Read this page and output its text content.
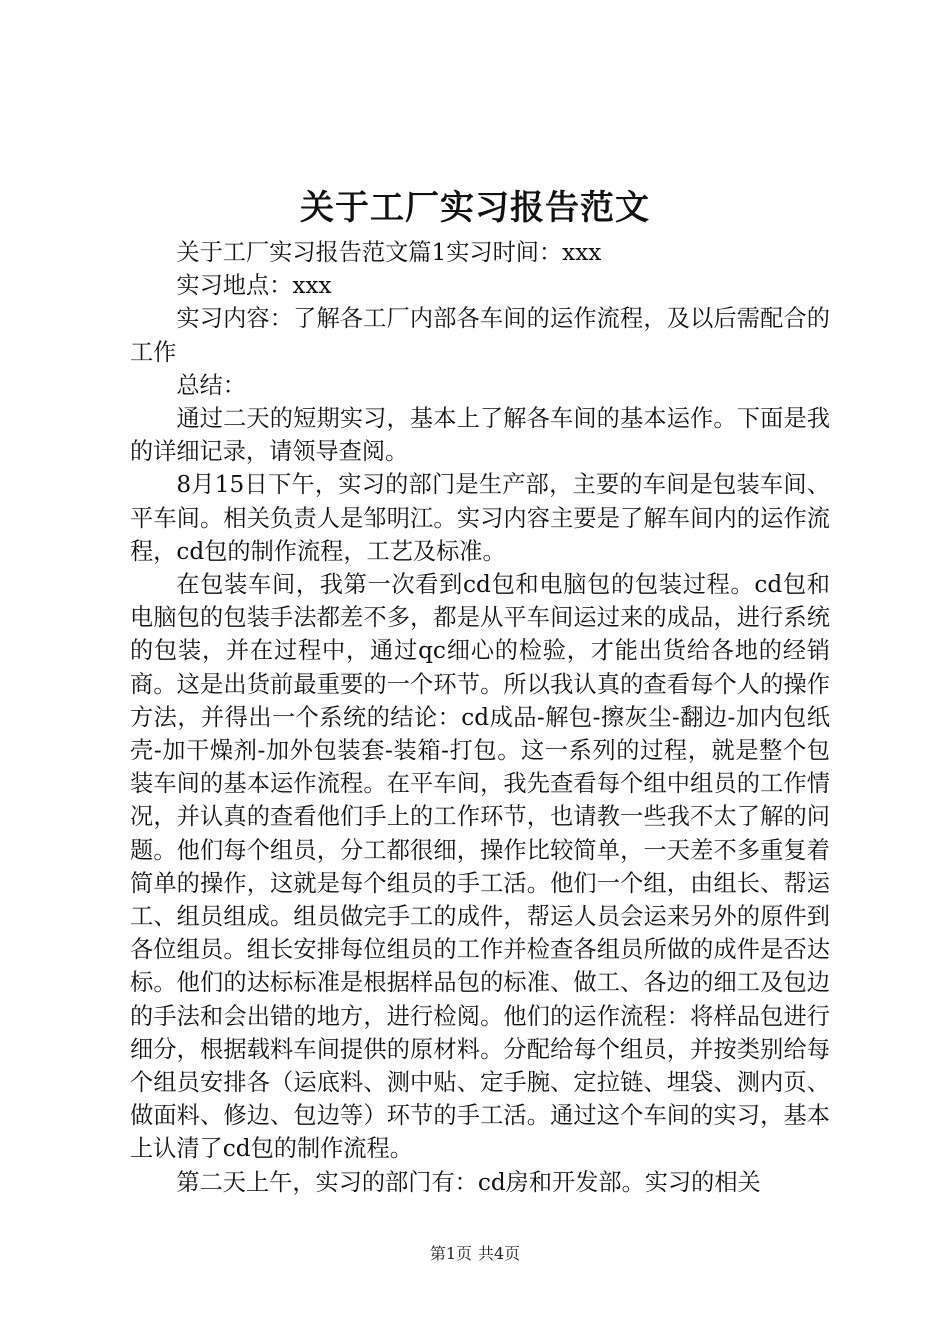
关于工厂实习报告范文

关于工厂实习报告范文篇1实习时间：xxx

实习地点：xxx

实习内容：了解各工厂内部各车间的运作流程，及以后需配合的工作

总结：

通过二天的短期实习，基本上了解各车间的基本运作。下面是我的详细记录，请领导查阅。

8月15日下午，实习的部门是生产部，主要的车间是包装车间、平车间。相关负责人是邹明江。实习内容主要是了解车间内的运作流程，cd包的制作流程，工艺及标准。

在包装车间，我第一次看到cd包和电脑包的包装过程。cd包和电脑包的包装手法都差不多，都是从平车间运过来的成品，进行系统的包装，并在过程中，通过qc细心的检验，才能出货给各地的经销商。这是出货前最重要的一个环节。所以我认真的查看每个人的操作方法，并得出一个系统的结论：cd成品-解包-擦灰尘-翻边-加内包纸壳-加干燥剂-加外包装套-装箱-打包。这一系列的过程，就是整个包装车间的基本运作流程。在平车间，我先查看每个组中组员的工作情况，并认真的查看他们手上的工作环节，也请教一些我不太了解的问题。他们每个组员，分工都很细，操作比较简单，一天差不多重复着简单的操作，这就是每个组员的手工活。他们一个组，由组长、帮运工、组员组成。组员做完手工的成件，帮运人员会运来另外的原件到各位组员。组长安排每位组员的工作并检查各组员所做的成件是否达标。他们的达标标准是根据样品包的标准、做工、各边的细工及包边的手法和会出错的地方，进行检阅。他们的运作流程：将样品包进行细分，根据载料车间提供的原材料。分配给每个组员，并按类别给每个组员安排各（运底料、测中贴、定手腕、定拉链、埋袋、测内页、做面料、修边、包边等）环节的手工活。通过这个车间的实习，基本上认清了cd包的制作流程。

第二天上午，实习的部门有：cd房和开发部。实习的相关

第1页 共4页
